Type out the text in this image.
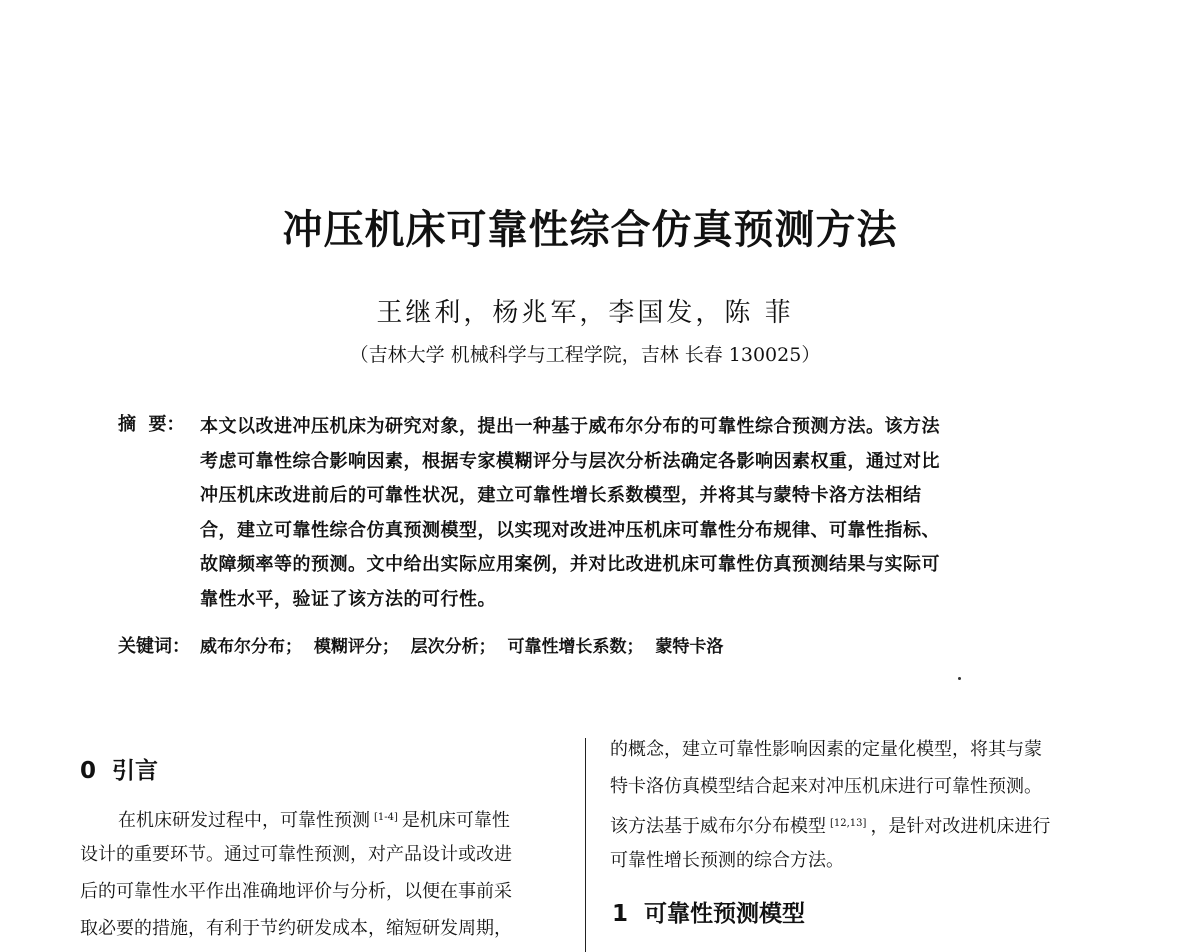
冲压机床可靠性综合仿真预测方法
王继利，杨兆军，李国发，陈 菲
（吉林大学 机械科学与工程学院，吉林 长春 130025）
摘  要： 本文以改进冲压机床为研究对象，提出一种基于威布尔分布的可靠性综合预测方法。该方法
考虑可靠性综合影响因素，根据专家模糊评分与层次分析法确定各影响因素权重，通过对比
冲压机床改进前后的可靠性状况，建立可靠性增长系数模型，并将其与蒙特卡洛方法相结
合，建立可靠性综合仿真预测模型，以实现对改进冲压机床可靠性分布规律、可靠性指标、
故障频率等的预测。文中给出实际应用案例，并对比改进机床可靠性仿真预测结果与实际可
靠性水平，验证了该方法的可行性。
关键词： 威布尔分布；  模糊评分；  层次分析；  可靠性增长系数；  蒙特卡洛
0  引言
在机床研发过程中，可靠性预测 [1-4] 是机床可靠性
设计的重要环节。通过可靠性预测，对产品设计或改进
后的可靠性水平作出准确地评价与分析，以便在事前采
取必要的措施，有利于节约研发成本，缩短研发周期，
的概念，建立可靠性影响因素的定量化模型，将其与蒙
特卡洛仿真模型结合起来对冲压机床进行可靠性预测。
该方法基于威布尔分布模型 [12,13] ，是针对改进机床进行
可靠性增长预测的综合方法。
1  可靠性预测模型
